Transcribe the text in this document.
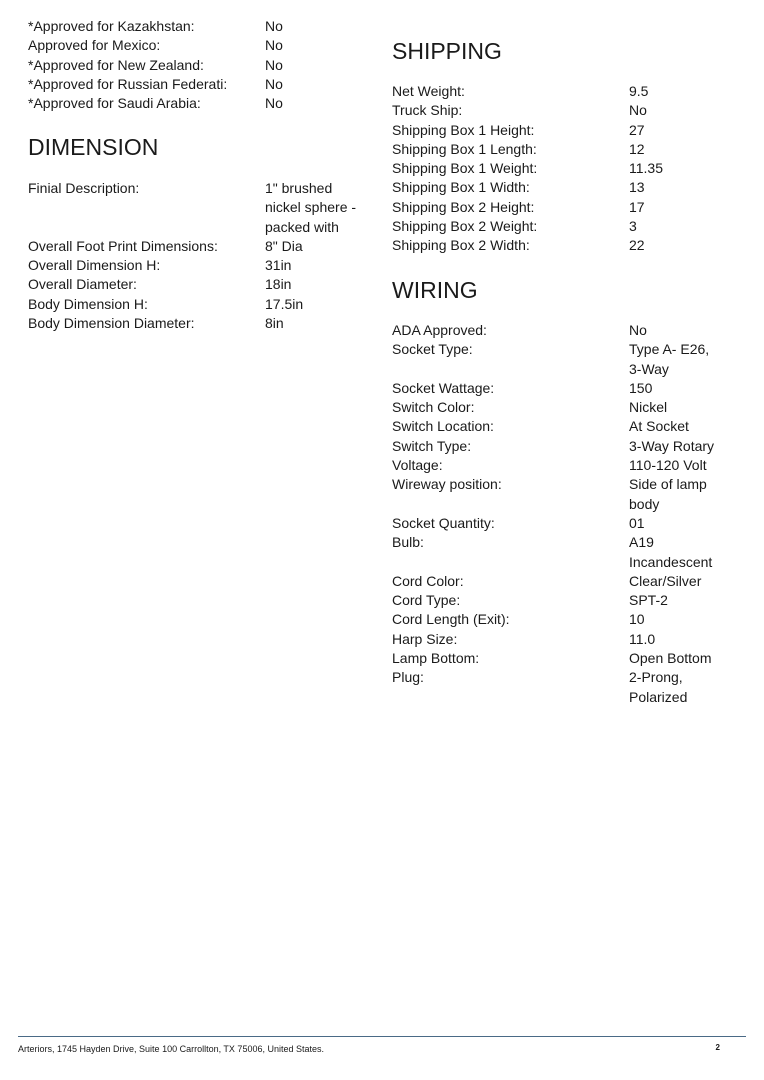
*Approved for Kazakhstan:	No
Approved for Mexico:	No
*Approved for New Zealand:	No
*Approved for Russian Federati:	No
*Approved for Saudi Arabia:	No
DIMENSION
Finial Description:	1" brushed
nickel sphere -
packed with
Overall Foot Print Dimensions:	8" Dia
Overall Dimension H:	31in
Overall Diameter:	18in
Body Dimension H:	17.5in
Body Dimension Diameter:	8in
SHIPPING
Net Weight:	9.5
Truck Ship:	No
Shipping Box 1 Height:	27
Shipping Box 1 Length:	12
Shipping Box 1 Weight:	11.35
Shipping Box 1 Width:	13
Shipping Box 2 Height:	17
Shipping Box 2 Weight:	3
Shipping Box 2 Width:	22
WIRING
ADA Approved:	No
Socket Type:	Type A- E26,
3-Way
Socket Wattage:	150
Switch Color:	Nickel
Switch Location:	At Socket
Switch Type:	3-Way Rotary
Voltage:	110-120 Volt
Wireway position:	Side of lamp
body
Socket Quantity:	01
Bulb:	A19
Incandescent
Cord Color:	Clear/Silver
Cord Type:	SPT-2
Cord Length (Exit):	10
Harp Size:	11.0
Lamp Bottom:	Open Bottom
Plug:	2-Prong,
Polarized
Arteriors, 1745 Hayden Drive, Suite 100 Carrollton, TX 75006, United States.	2
